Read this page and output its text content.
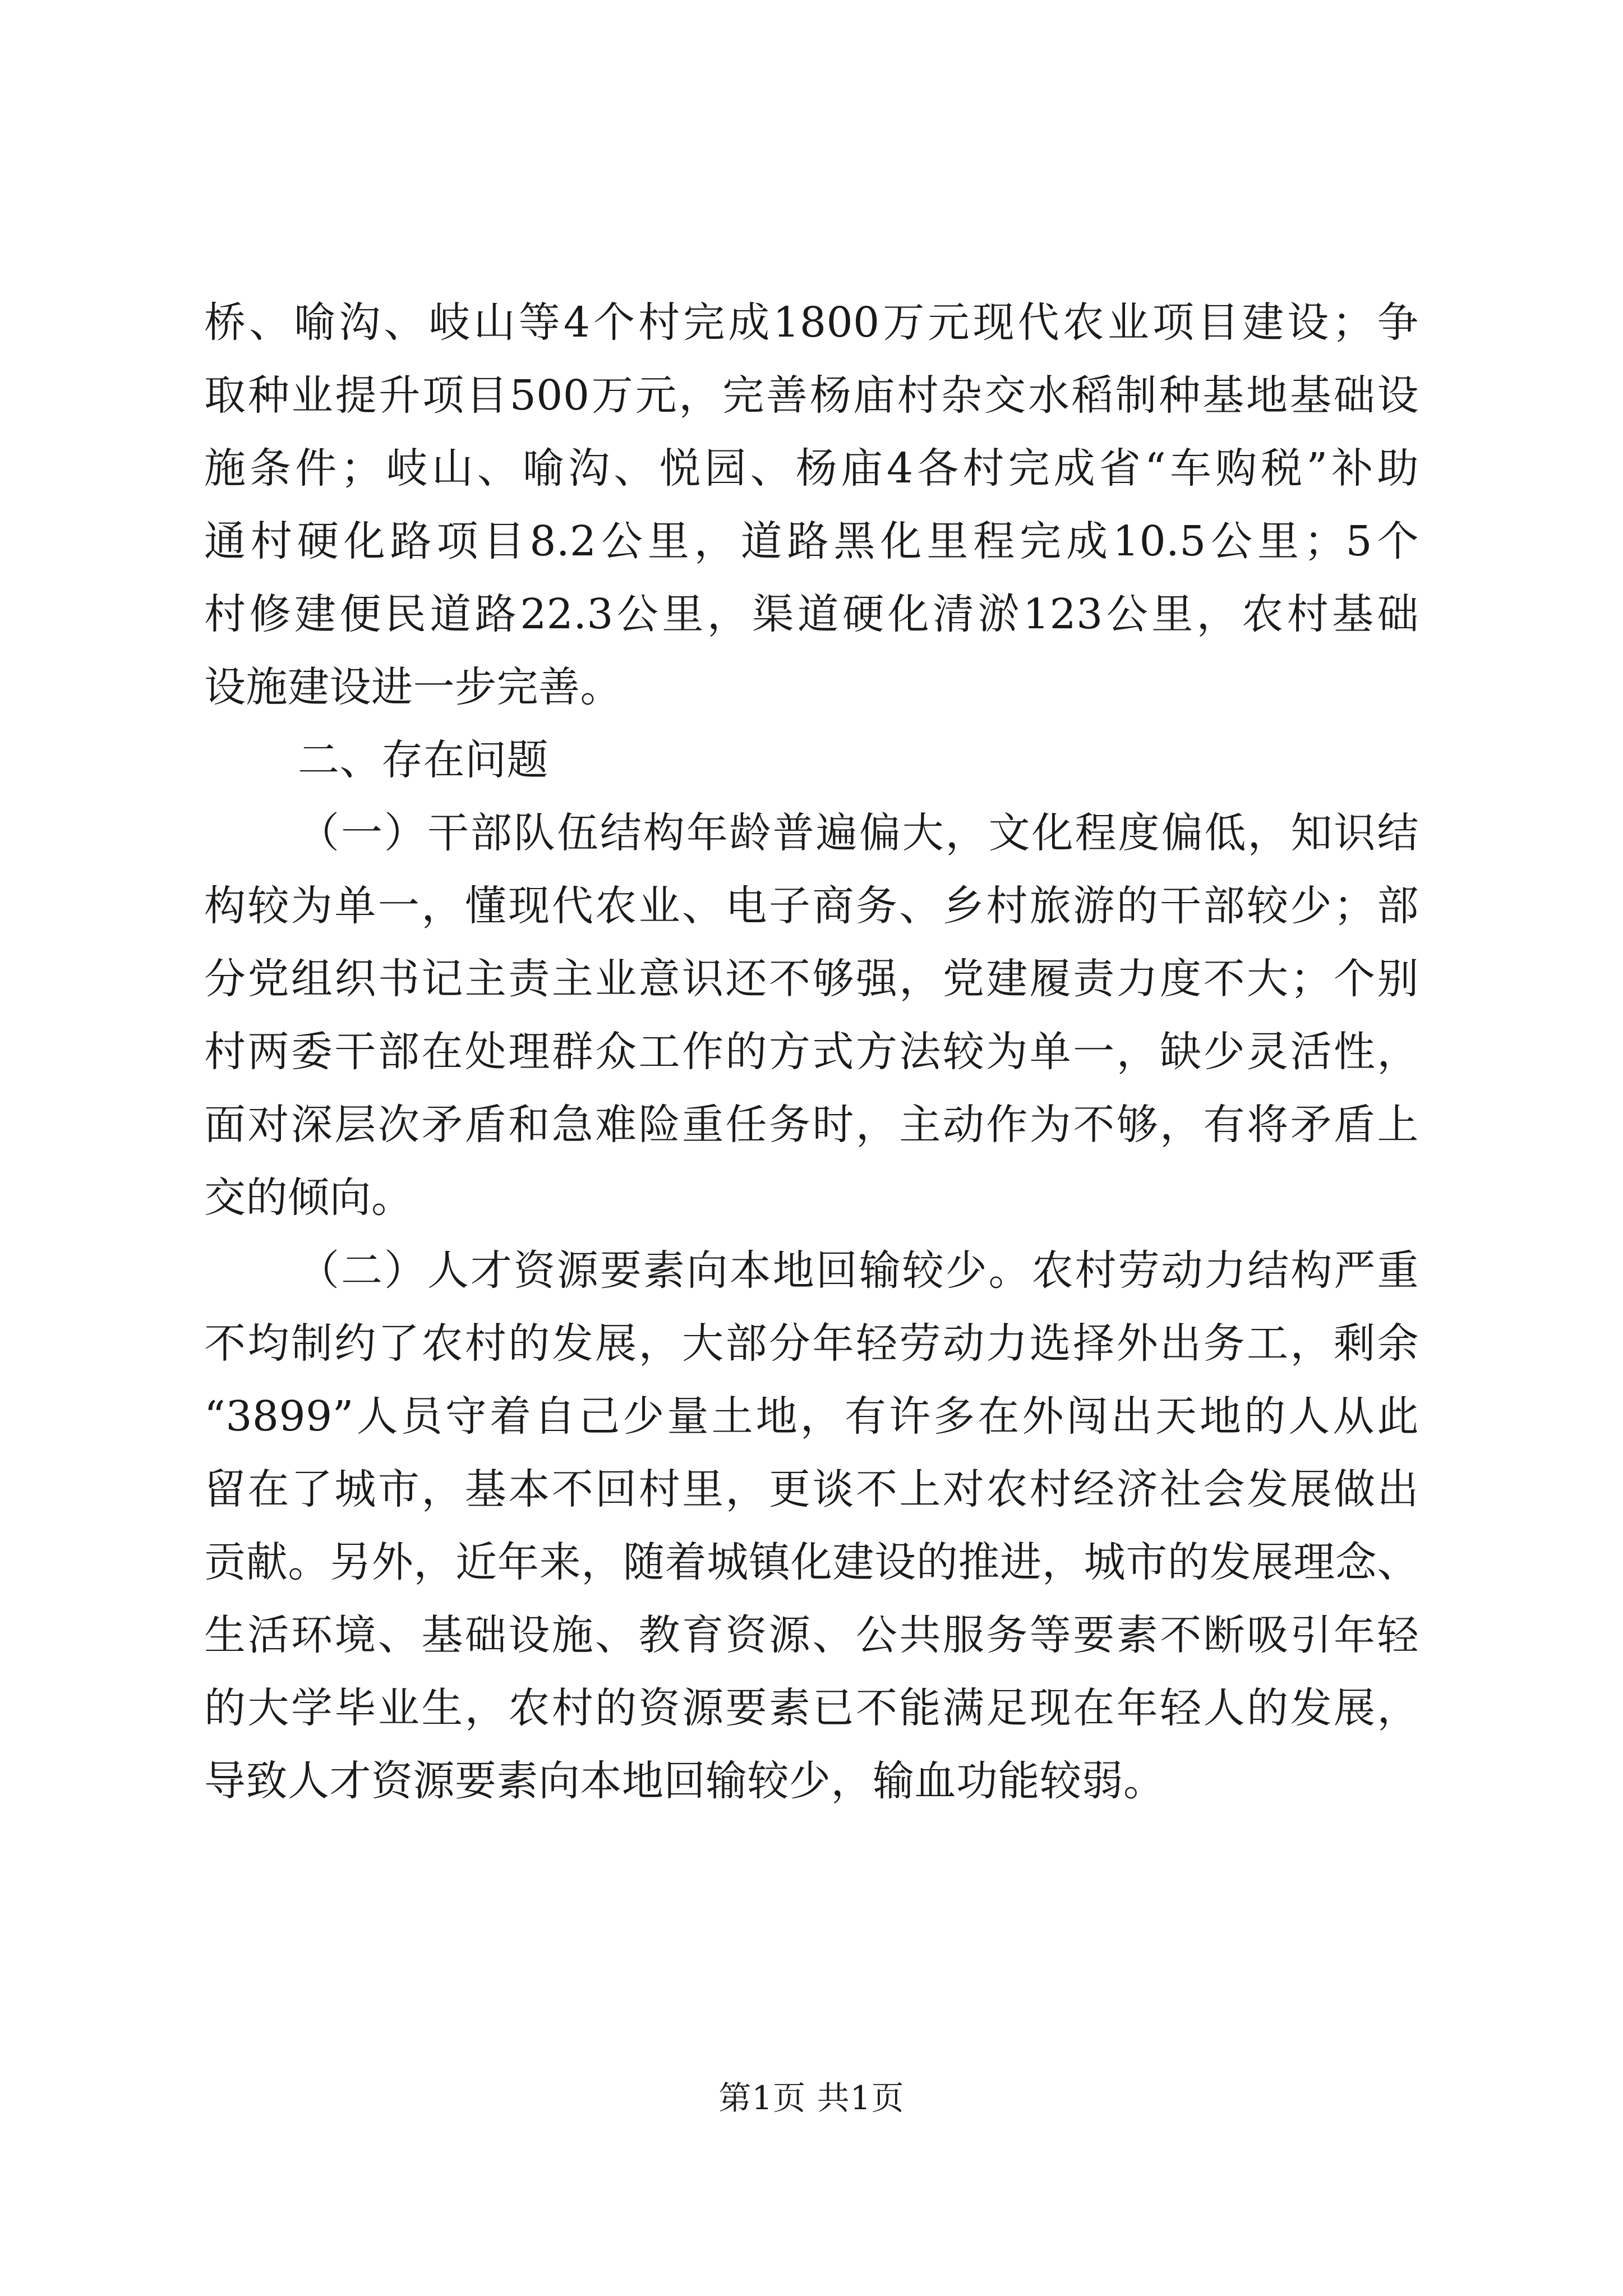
桥、喻沟、岐山等4个村完成1800万元现代农业项目建设；争
取种业提升项目500万元，完善杨庙村杂交水稻制种基地基础设
施条件；岐山、喻沟、悦园、杨庙4各村完成省“车购税”补助
通村硬化路项目8.2公里，道路黑化里程完成10.5公里；5个
村修建便民道路22.3公里，渠道硬化清淤123公里，农村基础
设施建设进一步完善。
二、存在问题
（一）干部队伍结构年龄普遍偏大，文化程度偏低，知识结
构较为单一，懂现代农业、电子商务、乡村旅游的干部较少；部
分党组织书记主责主业意识还不够强，党建履责力度不大；个别
村两委干部在处理群众工作的方式方法较为单一，缺少灵活性，
面对深层次矛盾和急难险重任务时，主动作为不够，有将矛盾上
交的倾向。
（二）人才资源要素向本地回输较少。农村劳动力结构严重
不均制约了农村的发展，大部分年轻劳动力选择外出务工，剩余
“3899”人员守着自己少量土地，有许多在外闯出天地的人从此
留在了城市，基本不回村里，更谈不上对农村经济社会发展做出
贡献。另外，近年来，随着城镇化建设的推进，城市的发展理念、
生活环境、基础设施、教育资源、公共服务等要素不断吸引年轻
的大学毕业生，农村的资源要素已不能满足现在年轻人的发展，
导致人才资源要素向本地回输较少，输血功能较弱。
第1页 共1页
